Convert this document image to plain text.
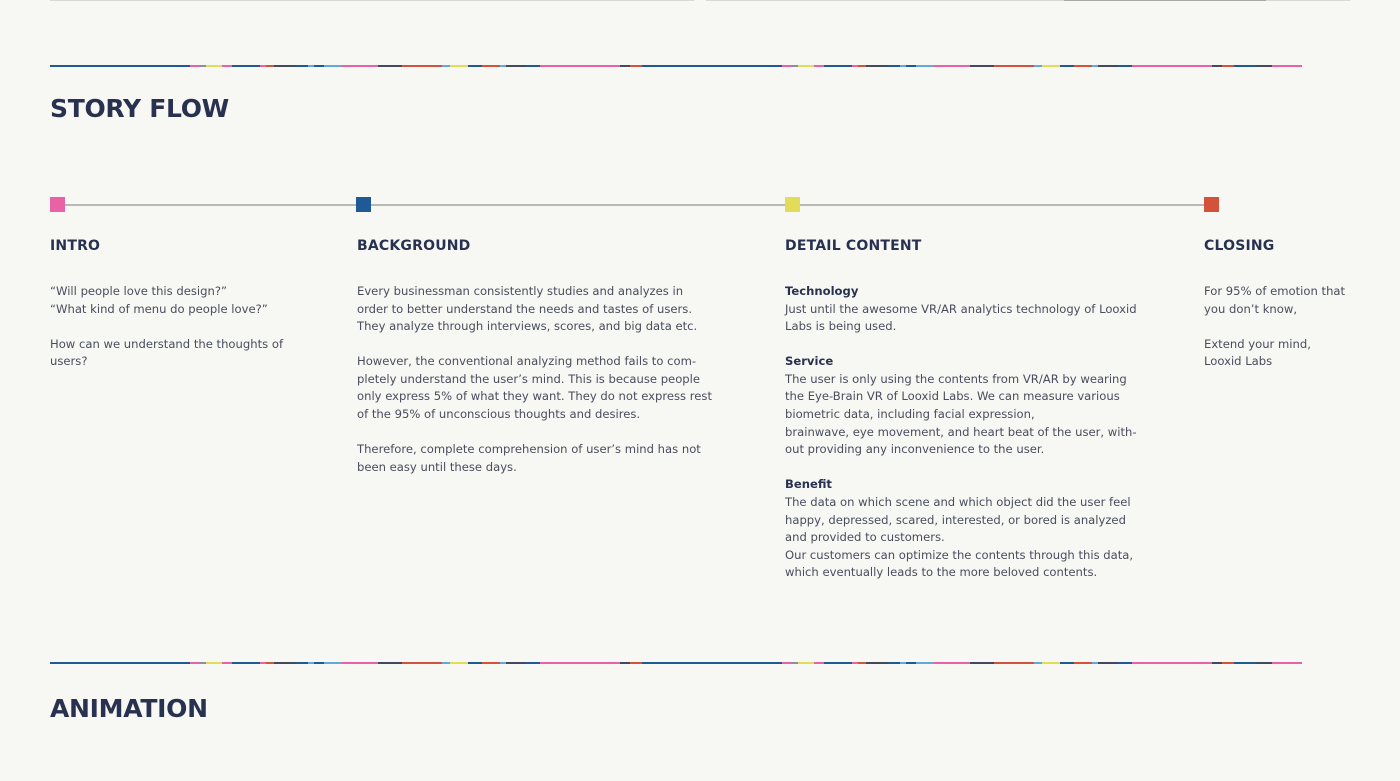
STORY FLOW
INTRO

“Will people love this design?”
“What kind of menu do people love?”

How can we understand the thoughts of
users?

BACKGROUND

Every businessman consistently studies and analyzes in
order to better understand the needs and tastes of users.
They analyze through interviews, scores, and big data etc.

However, the conventional analyzing method fails to com-
pletely understand the user’s mind. This is because people
only express 5% of what they want. They do not express rest
of the 95% of unconscious thoughts and desires.

Therefore, complete comprehension of user’s mind has not
been easy until these days.

DETAIL CONTENT

Technology

Just until the awesome VR/AR analytics technology of Looxid
Labs is being used.

Service

The user is only using the contents from VR/AR by wearing
the Eye-Brain VR of Looxid Labs. We can measure various
biometric data, including facial expression,
brainwave, eye movement, and heart beat of the user, with-
out providing any inconvenience to the user.

Benefit

The data on which scene and which object did the user feel
happy, depressed, scared, interested, or bored is analyzed
and provided to customers.
Our customers can optimize the contents through this data,
which eventually leads to the more beloved contents.

CLOSING

For 95% of emotion that
you don’t know,

Extend your mind,
Looxid Labs

ANIMATION
